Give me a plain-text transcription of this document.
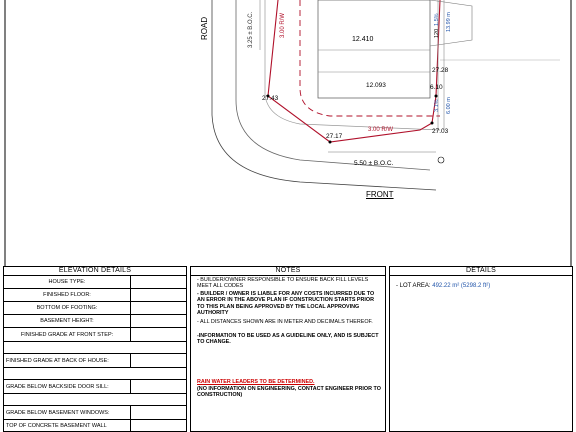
ROAD	3.25 ± B.O.C.	3.00 R/W
12.410
12.093
27.43
27.17
3.00 R/W
27.28
27.03
1.5% 13.99 m
120
6.10
3.1% 6.00 m
5.50 ± B.O.C.
FRONT
ELEVATION DETAILS
HOUSE TYPE:
FINISHED FLOOR:
BOTTOM OF FOOTING:
BASEMENT HEIGHT:
FINISHED GRADE AT FRONT STEP:
FINISHED GRADE AT BACK OF HOUSE:
GRADE BELOW BACKSIDE DOOR SILL:
GRADE BELOW BASEMENT WINDOWS:
TOP OF CONCRETE BASEMENT WALL
NOTES
- BUILDER/OWNER RESPONSIBLE TO ENSURE BACK FILL LEVELS MEET ALL CODES
- BUILDER / OWNER IS LIABLE FOR ANY COSTS INCURRED DUE TO AN ERROR IN THE ABOVE PLAN IF CONSTRUCTION STARTS PRIOR TO THIS PLAN BEING APPROVED BY THE LOCAL APPROVING AUTHORITY
- ALL DISTANCES SHOWN ARE IN METER AND DECIMALS THEREOF.
-INFORMATION TO BE USED AS A GUIDELINE ONLY, AND IS SUBJECT TO CHANGE.
RAIN WATER LEADERS TO BE DETERMINED.
(NO INFORMATION ON ENGINEERING, CONTACT ENGINEER PRIOR TO CONSTRUCTION)
DETAILS
- LOT AREA: 492.22 m² (5298.2 ft²)
